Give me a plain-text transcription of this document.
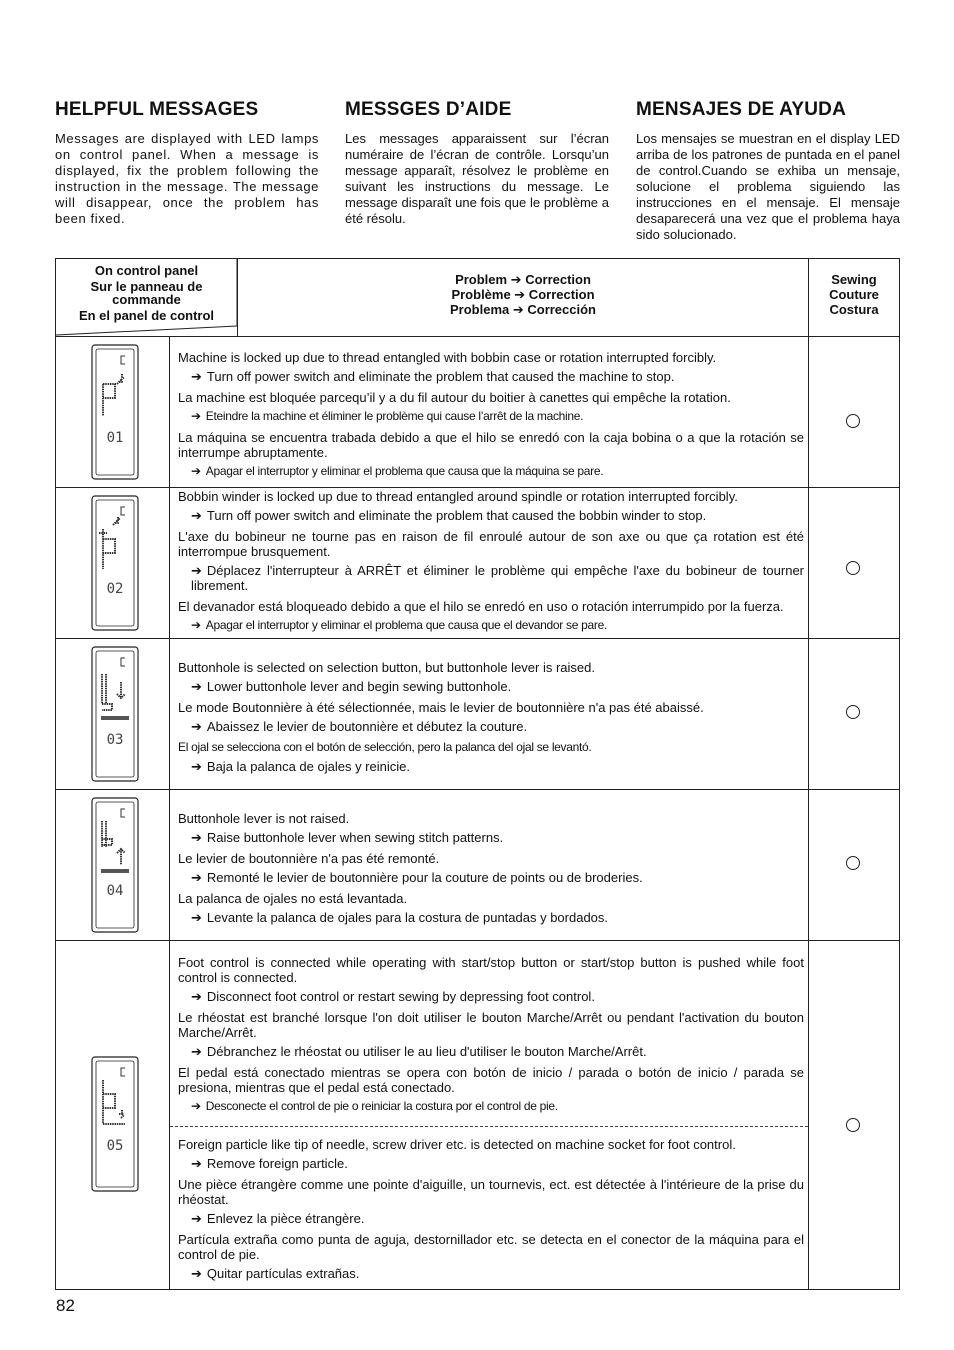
HELPFUL MESSAGES

Messages are displayed with LED lamps on control panel. When a message is displayed, fix the problem following the instruction in the message. The message will disappear, once the problem has been fixed.

MESSGES D’AIDE

Les messages apparaissent sur l’écran numéraire de l’écran de contrôle. Lorsqu’un message apparaît, résolvez le problème en suivant les instructions du message. Le message disparaît une fois que le problème a été résolu.

MENSAJES DE AYUDA

Los mensajes se muestran en el display LED arriba de los patrones de puntada en el panel de control.Cuando se exhiba un mensaje, solucione el problema siguiendo las instrucciones en el mensaje. El mensaje desaparecerá una vez que el problema haya sido solucionado.

On control panel
Sur le panneau de commande
En el panel de control
Problem ➔ Correction
Problème ➔ Correction
Problema ➔ Corrección
Sewing
Couture
Costura
01

Machine is locked up due to thread entangled with bobbin case or rotation interrupted forcibly.

➔ Turn off power switch and eliminate the problem that caused the machine to stop.

La machine est bloquée parcequ’il y a du fil autour du boitier à canettes qui empêche la rotation.

➔ Eteindre la machine et éliminer le problème qui cause l’arrêt de la machine.

La máquina se encuentra trabada debido a que el hilo se enredó con la caja bobina o a que la rotación se interrumpe abruptamente.

➔ Apagar el interruptor y eliminar el problema que causa que la máquina se pare.

02

Bobbin winder is locked up due to thread entangled around spindle or rotation interrupted forcibly.

➔ Turn off power switch and eliminate the problem that caused the bobbin winder to stop.

L'axe du bobineur ne tourne pas en raison de fil enroulé autour de son axe ou que ça rotation est été interrompue brusquement.

➔ Déplacez l'interrupteur à ARRÊT et éliminer le problème qui empêche l'axe du bobineur de tourner librement.

El devanador está bloqueado debido a que el hilo se enredó en uso o rotación interrumpido por la fuerza.

➔ Apagar el interruptor y eliminar el problema que causa que el devandor se pare.

03

Buttonhole is selected on selection button, but buttonhole lever is raised.

➔ Lower buttonhole lever and begin sewing buttonhole.

Le mode Boutonnière à été sélectionnée, mais le levier de boutonnière n'a pas été abaissé.

➔ Abaissez le levier de boutonnière et débutez la couture.

El ojal se selecciona con el botón de selección, pero la palanca del ojal se levantó.

➔ Baja la palanca de ojales y reinicie.

04

Buttonhole lever is not raised.

➔ Raise buttonhole lever when sewing stitch patterns.

Le levier de boutonnière n'a pas été remonté.

➔ Remonté le levier de boutonnière pour la couture de points ou de broderies.

La palanca de ojales no está levantada.

➔ Levante la palanca de ojales para la costura de puntadas y bordados.

05

Foot control is connected while operating with start/stop button or start/stop button is pushed while foot control is connected.

➔ Disconnect foot control or restart sewing by depressing foot control.

Le rhéostat est branché lorsque l'on doit utiliser le bouton Marche/Arrêt ou pendant l'activation du bouton Marche/Arrêt.

➔ Débranchez le rhéostat ou utiliser le au lieu d'utiliser le bouton Marche/Arrêt.

El pedal está conectado mientras se opera con botón de inicio / parada o botón de inicio / parada se presiona, mientras que el pedal está conectado.

➔ Desconecte el control de pie o reiniciar la costura por el control de pie.

Foreign particle like tip of needle, screw driver etc. is detected on machine socket for foot control.

➔ Remove foreign particle.

Une pièce étrangère comme une pointe d'aiguille, un tournevis, ect. est détectée à l'intérieure de la prise du rhéostat.

➔ Enlevez la pièce étrangère.

Partícula extraña como punta de aguja, destornillador etc. se detecta en el conector de la máquina para el control de pie.

➔ Quitar partículas extrañas.

82
